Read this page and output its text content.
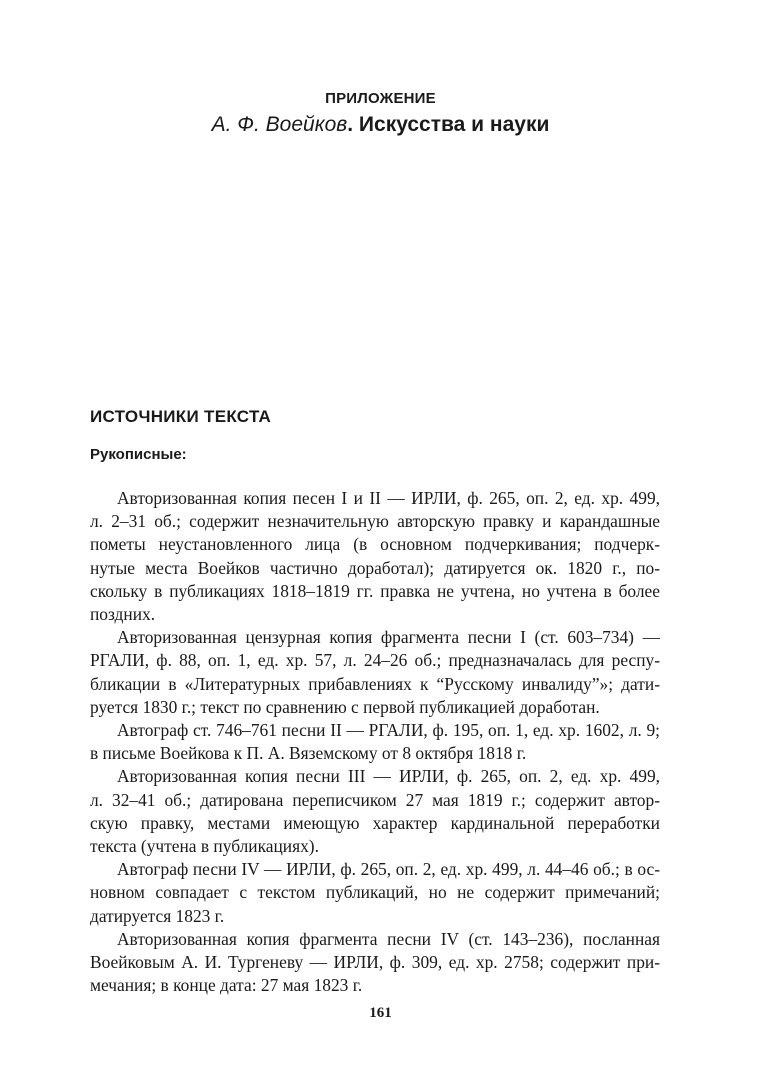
ПРИЛОЖЕНИЕ
А. Ф. Воейков. Искусства и науки
ИСТОЧНИКИ ТЕКСТА
Рукописные:
Авторизованная копия песен I и II — ИРЛИ, ф. 265, оп. 2, ед. хр. 499,
л. 2–31 об.; содержит незначительную авторскую правку и карандашные
пометы неустановленного лица (в основном подчеркивания; подчерк-
нутые места Воейков частично доработал); датируется ок. 1820 г., по-
скольку в публикациях 1818–1819 гг. правка не учтена, но учтена в более
поздних.
Авторизованная цензурная копия фрагмента песни I (ст. 603–734) —
РГАЛИ, ф. 88, оп. 1, ед. хр. 57, л. 24–26 об.; предназначалась для респу-
бликации в «Литературных прибавлениях к “Русскому инвалиду”»; дати-
руется 1830 г.; текст по сравнению с первой публикацией доработан.
Автограф ст. 746–761 песни II — РГАЛИ, ф. 195, оп. 1, ед. хр. 1602, л. 9;
в письме Воейкова к П. А. Вяземскому от 8 октября 1818 г.
Авторизованная копия песни III — ИРЛИ, ф. 265, оп. 2, ед. хр. 499,
л. 32–41 об.; датирована переписчиком 27 мая 1819 г.; содержит автор-
скую правку, местами имеющую характер кардинальной переработки
текста (учтена в публикациях).
Автограф песни IV — ИРЛИ, ф. 265, оп. 2, ед. хр. 499, л. 44–46 об.; в ос-
новном совпадает с текстом публикаций, но не содержит примечаний;
датируется 1823 г.
Авторизованная копия фрагмента песни IV (ст. 143–236), посланная
Воейковым А. И. Тургеневу — ИРЛИ, ф. 309, ед. хр. 2758; содержит при-
мечания; в конце дата: 27 мая 1823 г.
161
